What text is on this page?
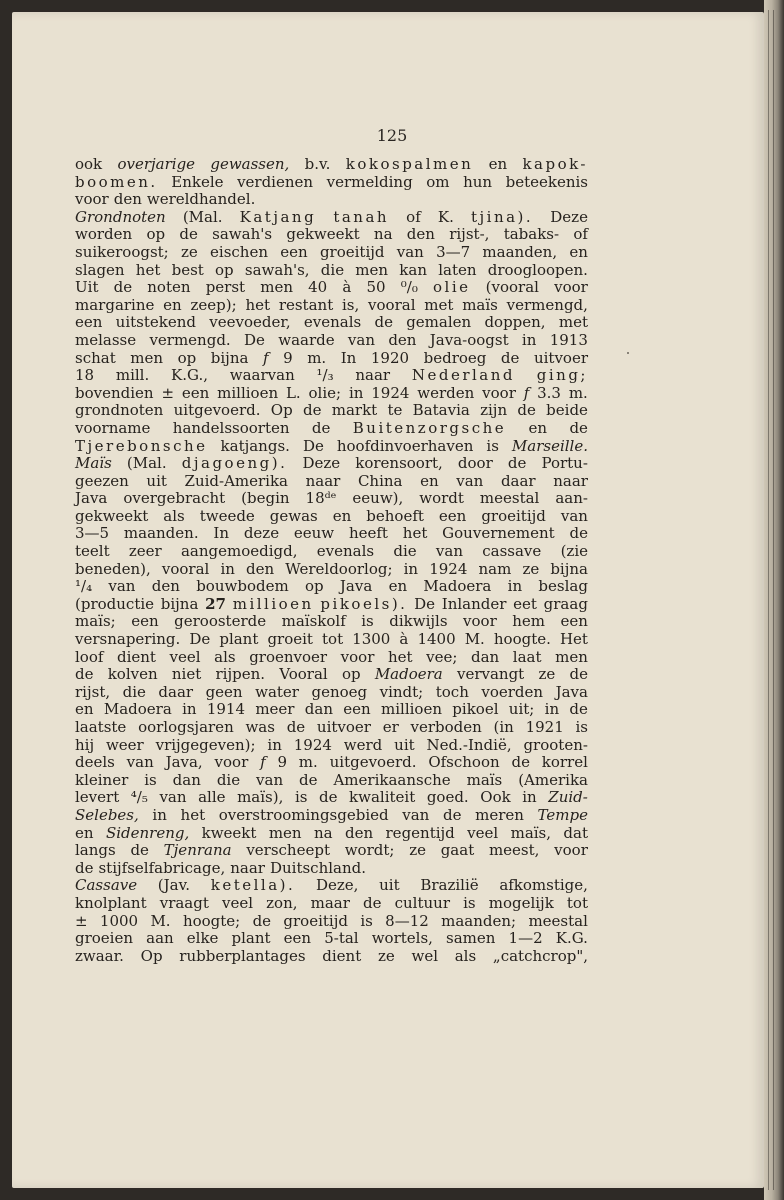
125
ook overjarige gewassen, b.v. kokospalmen en kapok-
boomen. Enkele verdienen vermelding om hun beteekenis
voor den wereldhandel.
Grondnoten (Mal. Katjang tanah of K. tjina). Deze
worden op de sawah's gekweekt na den rijst-, tabaks- of
suikeroogst; ze eischen een groeitijd van 3—7 maanden, en
slagen het best op sawah's, die men kan laten droogloopen.
Uit de noten perst men 40 à 50 ⁰/₀ olie (vooral voor
margarine en zeep); het restant is, vooral met maïs vermengd,
een uitstekend veevoeder, evenals de gemalen doppen, met
melasse vermengd. De waarde van den Java-oogst in 1913
schat men op bijna f 9 m. In 1920 bedroeg de uitvoer
18 mill. K.G., waarvan ¹/₃ naar Nederland ging;
bovendien ± een millioen L. olie; in 1924 werden voor f 3.3 m.
grondnoten uitgevoerd. Op de markt te Batavia zijn de beide
voorname handelssoorten de Buitenzorgsche en de
Tjerebonsche katjangs. De hoofdinvoerhaven is Marseille.
Maïs (Mal. djagoeng). Deze korensoort, door de Portu-
geezen uit Zuid-Amerika naar China en van daar naar
Java overgebracht (begin 18ᵈᵉ eeuw), wordt meestal aan-
gekweekt als tweede gewas en behoeft een groeitijd van
3—5 maanden. In deze eeuw heeft het Gouvernement de
teelt zeer aangemoedigd, evenals die van cassave (zie
beneden), vooral in den Wereldoorlog; in 1924 nam ze bijna
¹/₄ van den bouwbodem op Java en Madoera in beslag
(productie bijna 27 millioen pikoels). De Inlander eet graag
maïs; een geroosterde maïskolf is dikwijls voor hem een
versnapering. De plant groeit tot 1300 à 1400 M. hoogte. Het
loof dient veel als groenvoer voor het vee; dan laat men
de kolven niet rijpen. Vooral op Madoera vervangt ze de
rijst, die daar geen water genoeg vindt; toch voerden Java
en Madoera in 1914 meer dan een millioen pikoel uit; in de
laatste oorlogsjaren was de uitvoer er verboden (in 1921 is
hij weer vrijgegeven); in 1924 werd uit Ned.-Indië, grooten-
deels van Java, voor f 9 m. uitgevoerd. Ofschoon de korrel
kleiner is dan die van de Amerikaansche maïs (Amerika
levert ⁴/₅ van alle maïs), is de kwaliteit goed. Ook in Zuid-
Selebes, in het overstroomingsgebied van de meren Tempe
en Sidenreng, kweekt men na den regentijd veel maïs, dat
langs de Tjenrana verscheept wordt; ze gaat meest, voor
de stijfselfabricage, naar Duitschland.
Cassave (Jav. ketella). Deze, uit Brazilië afkomstige,
knolplant vraagt veel zon, maar de cultuur is mogelijk tot
± 1000 M. hoogte; de groeitijd is 8—12 maanden; meestal
groeien aan elke plant een 5-tal wortels, samen 1—2 K.G.
zwaar. Op rubberplantages dient ze wel als „catchcrop",
